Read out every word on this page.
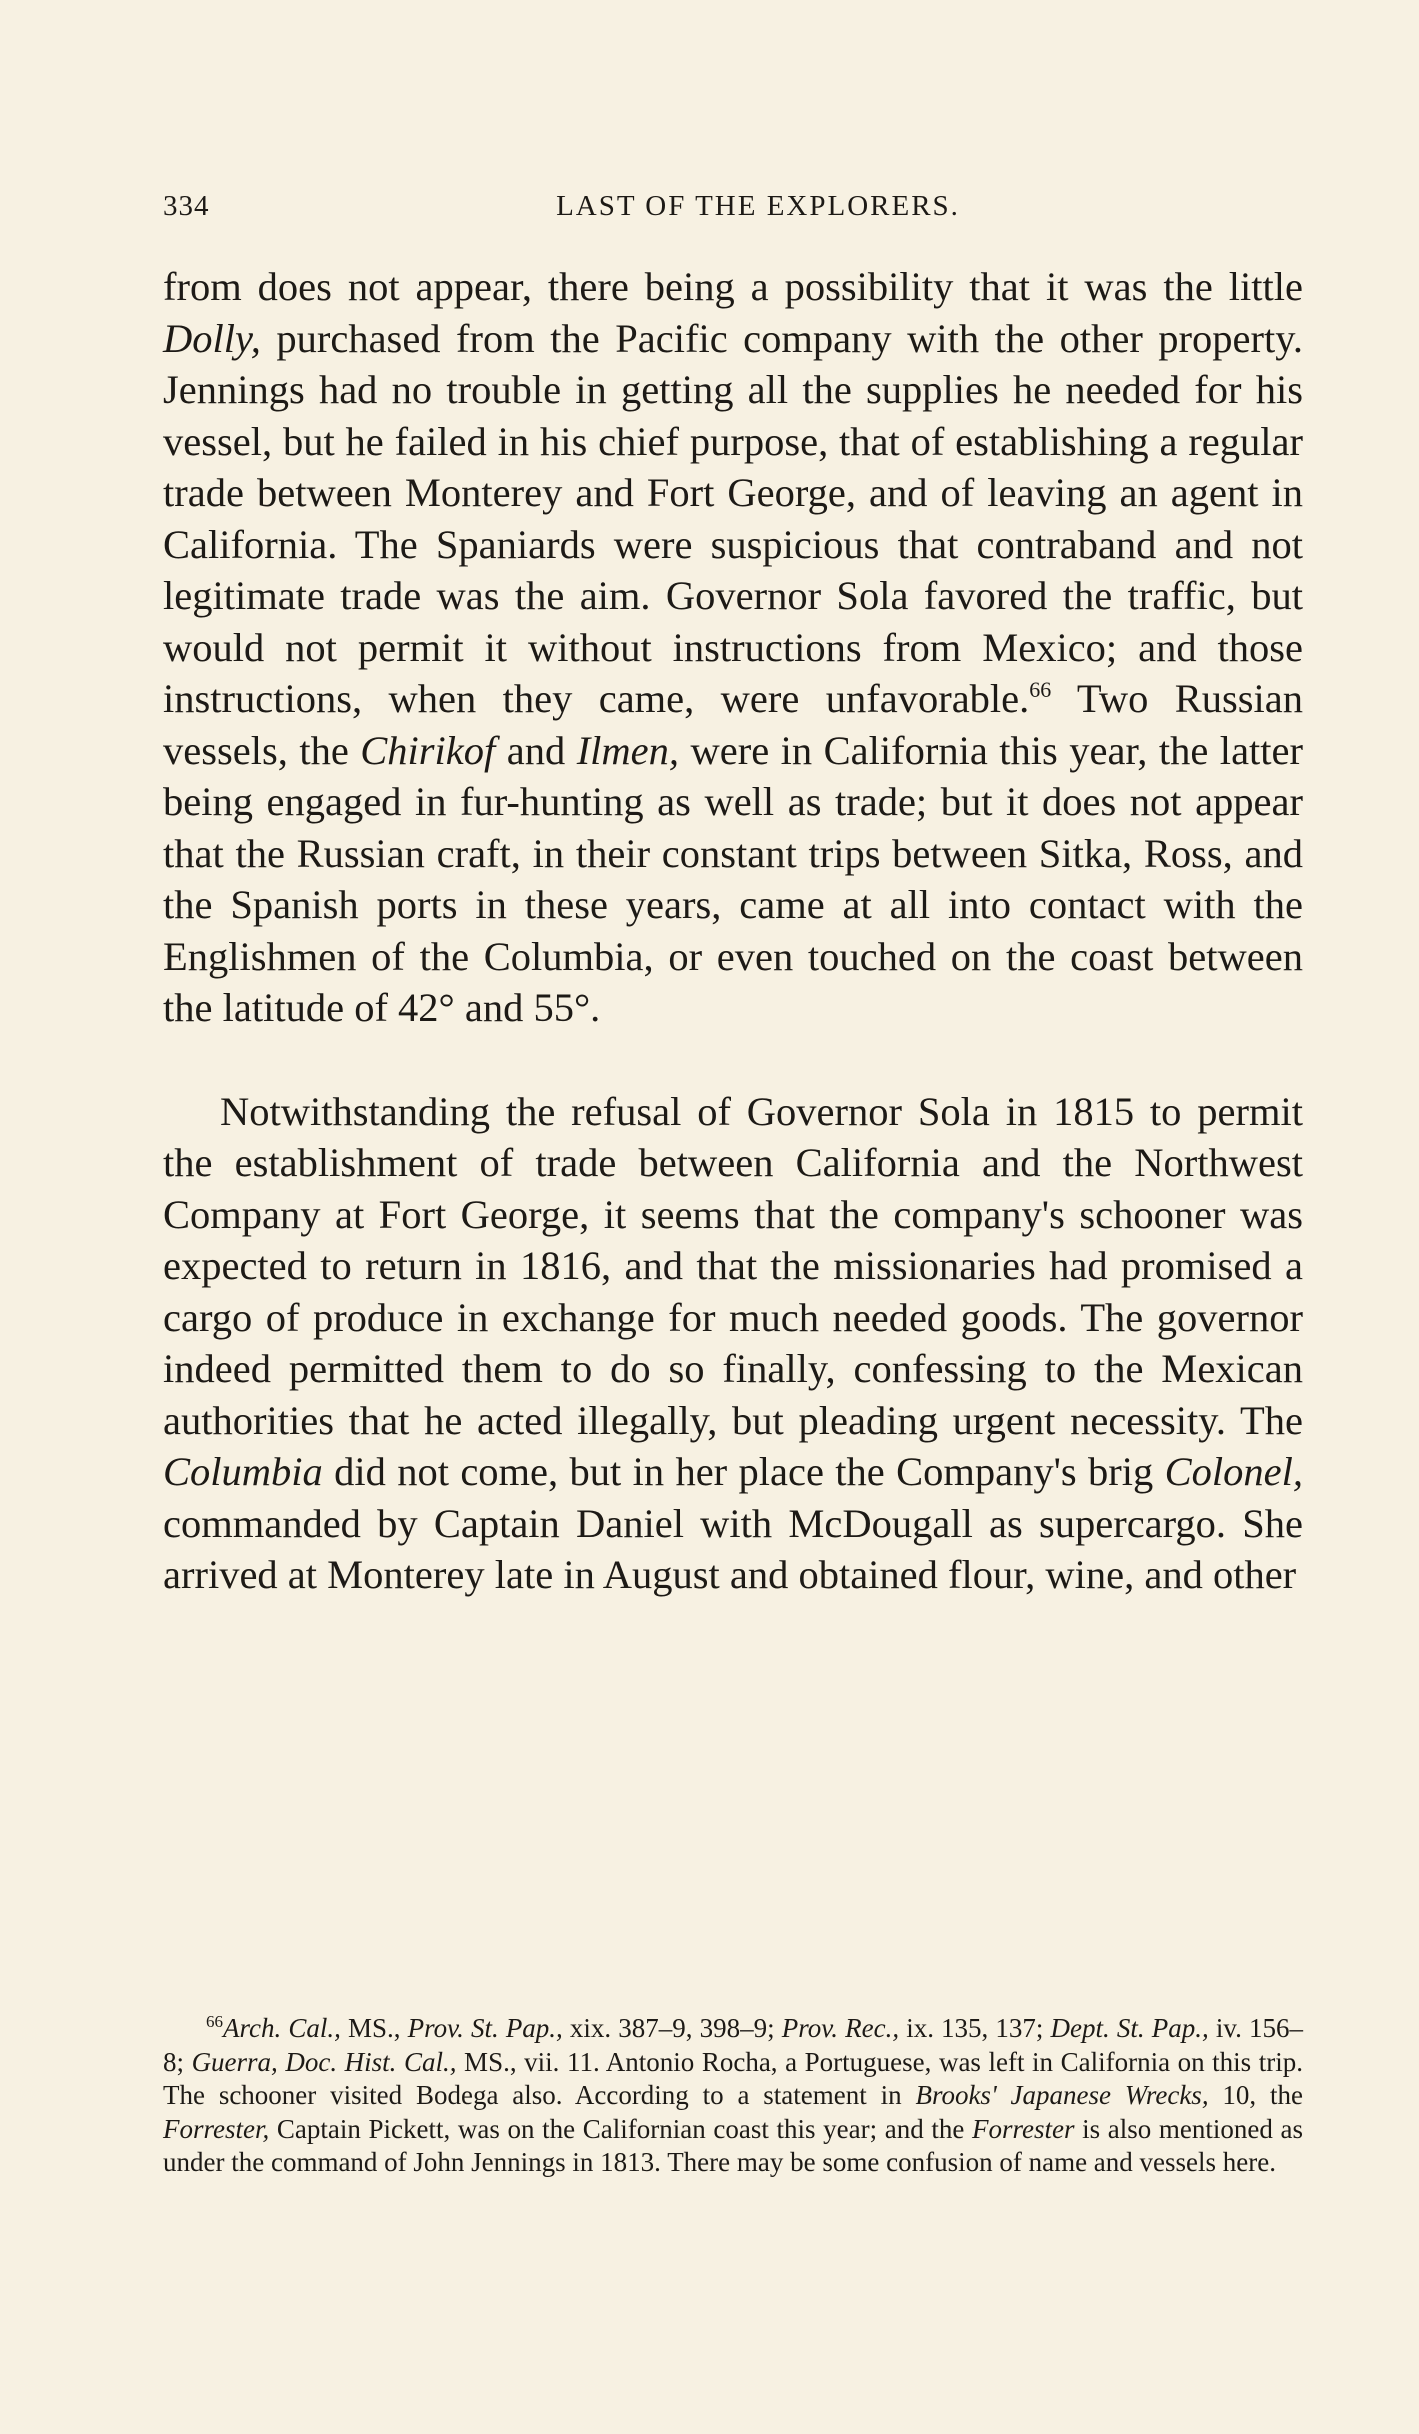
334	LAST OF THE EXPLORERS.

from does not appear, there being a possibility that it was the little Dolly, purchased from the Pacific company with the other property. Jennings had no trouble in getting all the supplies he needed for his vessel, but he failed in his chief purpose, that of establishing a regular trade between Monterey and Fort George, and of leaving an agent in California. The Spaniards were suspicious that contraband and not legitimate trade was the aim. Governor Sola favored the traffic, but would not permit it without instructions from Mexico; and those instructions, when they came, were unfavorable.$^{66}$ Two Russian vessels, the Chirikof and Ilmen, were in California this year, the latter being engaged in fur-hunting as well as trade; but it does not appear that the Russian craft, in their constant trips between Sitka, Ross, and the Spanish ports in these years, came at all into contact with the Englishmen of the Columbia, or even touched on the coast between the latitude of 42° and 55°.

Notwithstanding the refusal of Governor Sola in 1815 to permit the establishment of trade between California and the Northwest Company at Fort George, it seems that the company's schooner was expected to return in 1816, and that the missionaries had promised a cargo of produce in exchange for much needed goods. The governor indeed permitted them to do so finally, confessing to the Mexican authorities that he acted illegally, but pleading urgent necessity. The Columbia did not come, but in her place the Company's brig Colonel, commanded by Captain Daniel with McDougall as supercargo. She arrived at Monterey late in August and obtained flour, wine, and other

$^{66}$Arch. Cal., MS., Prov. St. Pap., xix. 387–9, 398–9; Prov. Rec., ix. 135, 137; Dept. St. Pap., iv. 156–8; Guerra, Doc. Hist. Cal., MS., vii. 11. Antonio Rocha, a Portuguese, was left in California on this trip. The schooner visited Bodega also. According to a statement in Brooks' Japanese Wrecks, 10, the Forrester, Captain Pickett, was on the Californian coast this year; and the Forrester is also mentioned as under the command of John Jennings in 1813. There may be some confusion of name and vessels here.
